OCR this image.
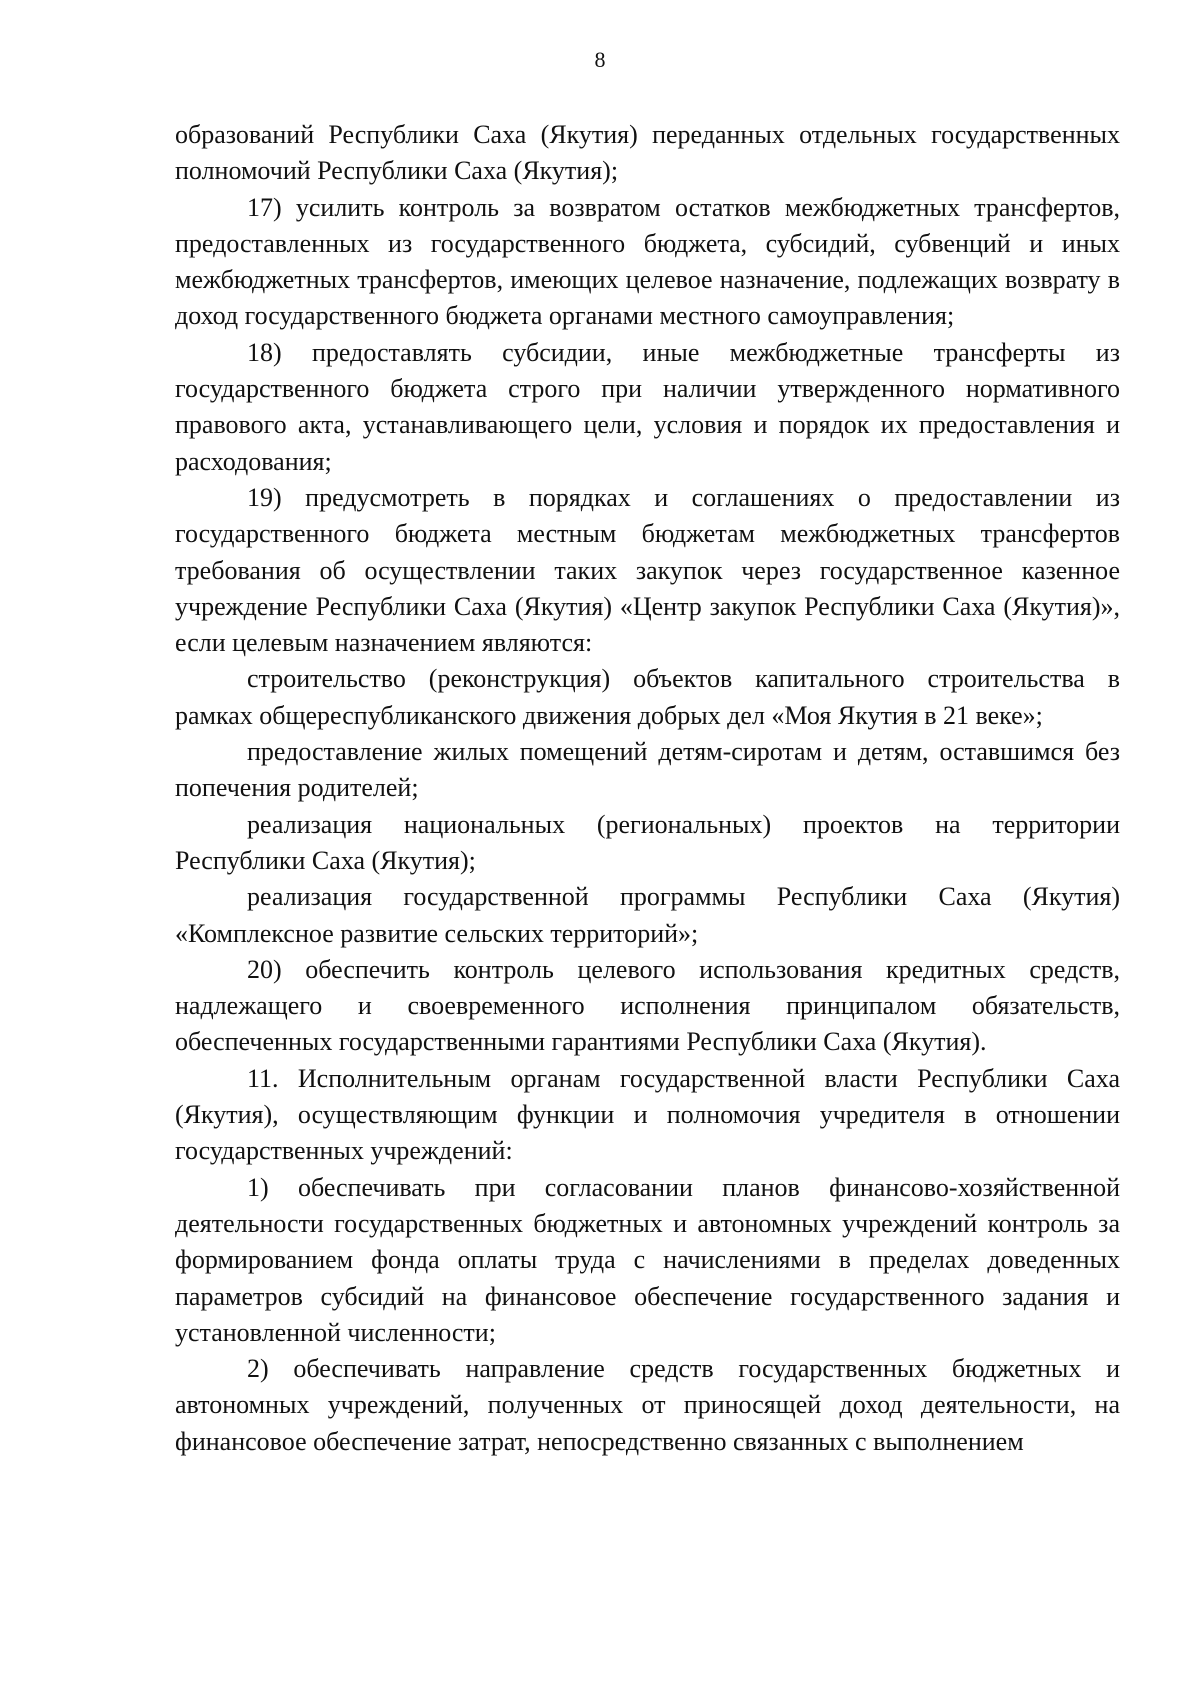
8

образований Республики Саха (Якутия) переданных отдельных государственных полномочий Республики Саха (Якутия);

17) усилить контроль за возвратом остатков межбюджетных трансфертов, предоставленных из государственного бюджета, субсидий, субвенций и иных межбюджетных трансфертов, имеющих целевое назначение, подлежащих возврату в доход государственного бюджета органами местного самоуправления;

18) предоставлять субсидии, иные межбюджетные трансферты из государственного бюджета строго при наличии утвержденного нормативного правового акта, устанавливающего цели, условия и порядок их предоставления и расходования;

19) предусмотреть в порядках и соглашениях о предоставлении из государственного бюджета местным бюджетам межбюджетных трансфертов требования об осуществлении таких закупок через государственное казенное учреждение Республики Саха (Якутия) «Центр закупок Республики Саха (Якутия)», если целевым назначением являются:

строительство (реконструкция) объектов капитального строительства в рамках общереспубликанского движения добрых дел «Моя Якутия в 21 веке»;

предоставление жилых помещений детям-сиротам и детям, оставшимся без попечения родителей;

реализация национальных (региональных) проектов на территории Республики Саха (Якутия);

реализация государственной программы Республики Саха (Якутия) «Комплексное развитие сельских территорий»;

20) обеспечить контроль целевого использования кредитных средств, надлежащего и своевременного исполнения принципалом обязательств, обеспеченных государственными гарантиями Республики Саха (Якутия).

11. Исполнительным органам государственной власти Республики Саха (Якутия), осуществляющим функции и полномочия учредителя в отношении государственных учреждений:

1) обеспечивать при согласовании планов финансово-хозяйственной деятельности государственных бюджетных и автономных учреждений контроль за формированием фонда оплаты труда с начислениями в пределах доведенных параметров субсидий на финансовое обеспечение государственного задания и установленной численности;

2) обеспечивать направление средств государственных бюджетных и автономных учреждений, полученных от приносящей доход деятельности, на финансовое обеспечение затрат, непосредственно связанных с выполнением
